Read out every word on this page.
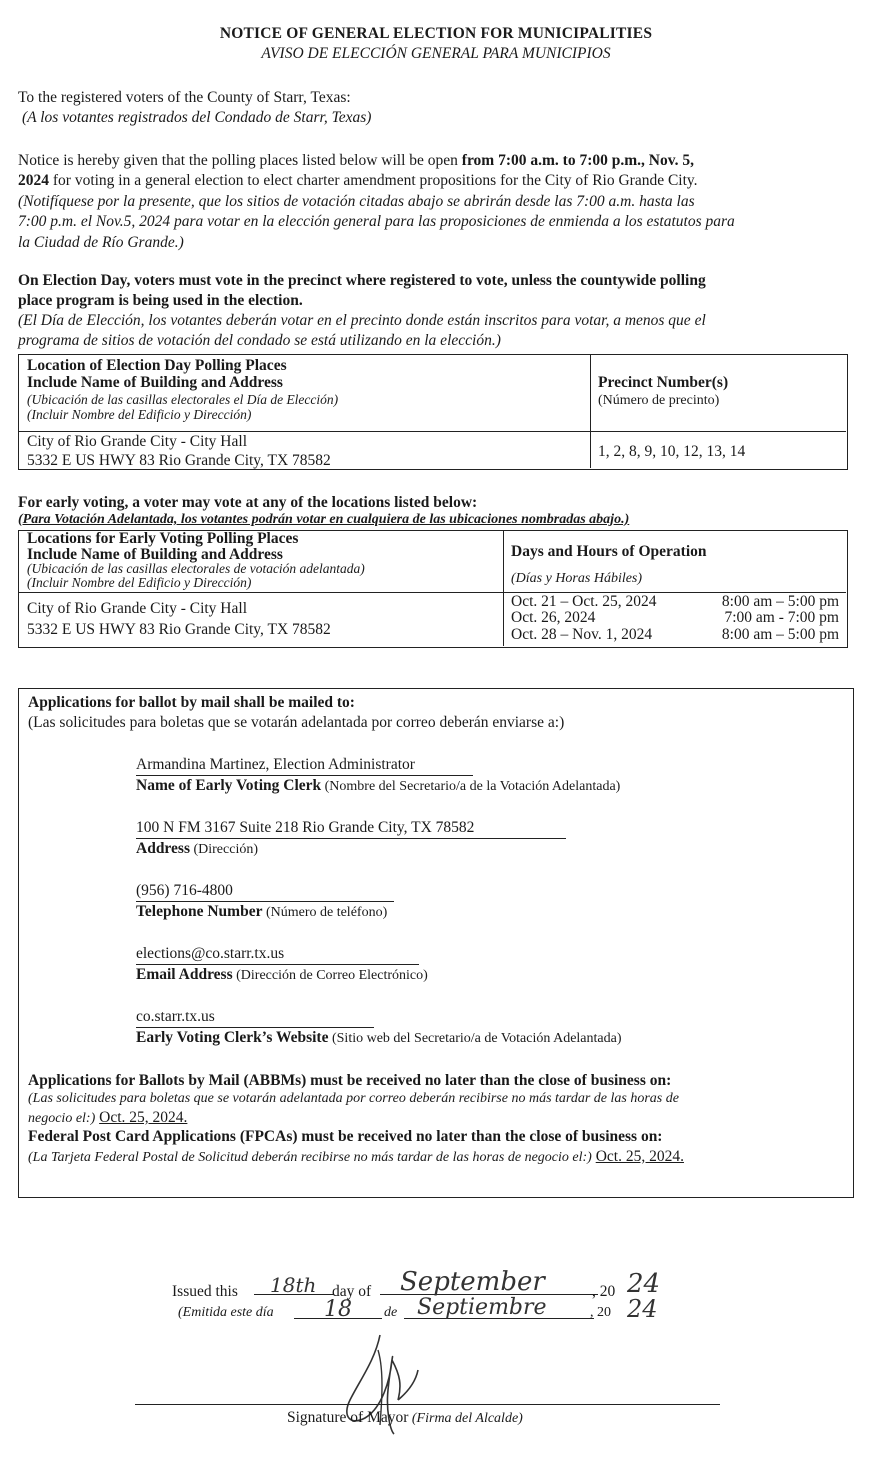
NOTICE OF GENERAL ELECTION FOR MUNICIPALITIES
AVISO DE ELECCIÓN GENERAL PARA MUNICIPIOS
To the registered voters of the County of Starr, Texas:
(A los votantes registrados del Condado de Starr, Texas)
Notice is hereby given that the polling places listed below will be open from 7:00 a.m. to 7:00 p.m., Nov. 5,
2024 for voting in a general election to elect charter amendment propositions for the City of Rio Grande City.
(Notifíquese por la presente, que los sitios de votación citadas abajo se abrirán desde las 7:00 a.m. hasta las
7:00 p.m. el Nov.5, 2024 para votar en la elección general para las proposiciones de enmienda a los estatutos para
la Ciudad de Río Grande.)
On Election Day, voters must vote in the precinct where registered to vote, unless the countywide polling
place program is being used in the election.
(El Día de Elección, los votantes deberán votar en el precinto donde están inscritos para votar, a menos que el
programa de sitios de votación del condado se está utilizando en la elección.)
Location of Election Day Polling Places
Include Name of Building and Address
(Ubicación de las casillas electorales el Día de Elección)
(Incluir Nombre del Edificio y Dirección)
Precinct Number(s)
(Número de precinto)
City of Rio Grande City - City Hall
5332 E US HWY 83 Rio Grande City, TX 78582
1, 2, 8, 9, 10, 12, 13, 14
For early voting, a voter may vote at any of the locations listed below:
(Para Votación Adelantada, los votantes podrán votar en cualquiera de las ubicaciones nombradas abajo.)
Locations for Early Voting Polling Places
Include Name of Building and Address
(Ubicación de las casillas electorales de votación adelantada)
(Incluir Nombre del Edificio y Dirección)
Days and Hours of Operation
(Días y Horas Hábiles)
City of Rio Grande City - City Hall
5332 E US HWY 83 Rio Grande City, TX 78582
Oct. 21 – Oct. 25, 2024	8:00 am – 5:00 pm
Oct. 26, 2024	7:00 am - 7:00 pm
Oct. 28 – Nov. 1, 2024	8:00 am – 5:00 pm
Applications for ballot by mail shall be mailed to:
(Las solicitudes para boletas que se votarán adelantada por correo deberán enviarse a:)
Armandina Martinez, Election Administrator
Name of Early Voting Clerk (Nombre del Secretario/a de la Votación Adelantada)
100 N FM 3167 Suite 218 Rio Grande City, TX 78582
Address (Dirección)
(956) 716-4800
Telephone Number (Número de teléfono)
elections@co.starr.tx.us
Email Address (Dirección de Correo Electrónico)
co.starr.tx.us
Early Voting Clerk’s Website (Sitio web del Secretario/a de Votación Adelantada)
Applications for Ballots by Mail (ABBMs) must be received no later than the close of business on:
(Las solicitudes para boletas que se votarán adelantada por correo deberán recibirse no más tardar de las horas de
negocio el:) Oct. 25, 2024.
Federal Post Card Applications (FPCAs) must be received no later than the close of business on:
(La Tarjeta Federal Postal de Solicitud deberán recibirse no más tardar de las horas de negocio el:) Oct. 25, 2024.
Issued this 18th day of September	, 20 24
(Emitida este día 18 de Septiembre	, 20 24
Signature of Mayor (Firma del Alcalde)
